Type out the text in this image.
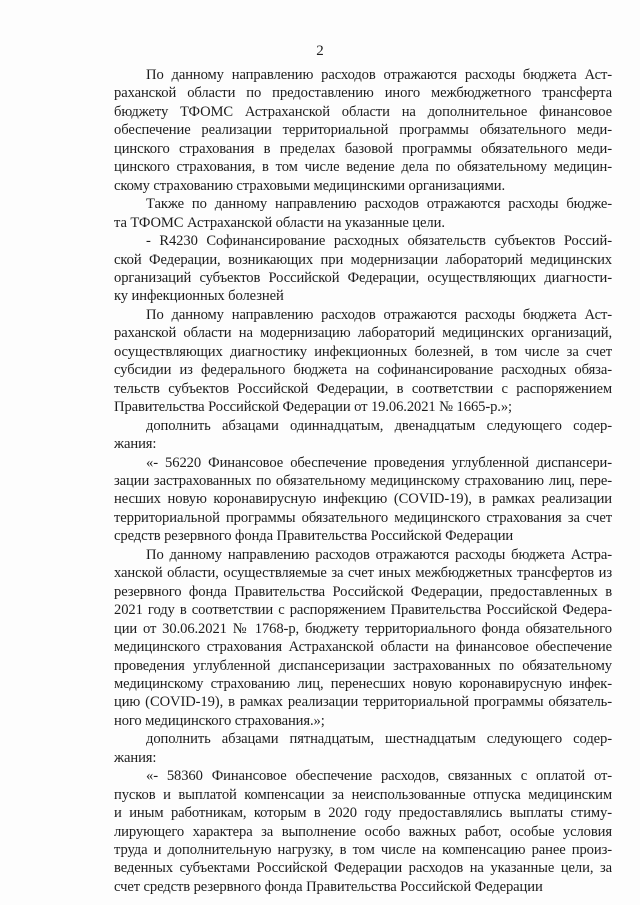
2
По данному направлению расходов отражаются расходы бюджета Аст-
раханской области по предоставлению иного межбюджетного трансферта
бюджету ТФОМС Астраханской области на дополнительное финансовое
обеспечение реализации территориальной программы обязательного меди-
цинского страхования в пределах базовой программы обязательного меди-
цинского страхования, в том числе ведение дела по обязательному медицин-
скому страхованию страховыми медицинскими организациями.
Также по данному направлению расходов отражаются расходы бюдже-
та ТФОМС Астраханской области на указанные цели.
- R4230 Софинансирование расходных обязательств субъектов Россий-
ской Федерации, возникающих при модернизации лабораторий медицинских
организаций субъектов Российской Федерации, осуществляющих диагности-
ку инфекционных болезней
По данному направлению расходов отражаются расходы бюджета Аст-
раханской области на модернизацию лабораторий медицинских организаций,
осуществляющих диагностику инфекционных болезней, в том числе за счет
субсидии из федерального бюджета на софинансирование расходных обяза-
тельств субъектов Российской Федерации, в соответствии с распоряжением
Правительства Российской Федерации от 19.06.2021 № 1665-р.»;
дополнить абзацами одиннадцатым, двенадцатым следующего содер-
жания:
«- 56220 Финансовое обеспечение проведения углубленной диспансери-
зации застрахованных по обязательному медицинскому страхованию лиц, пере-
несших новую коронавирусную инфекцию (COVID-19), в рамках реализации
территориальной программы обязательного медицинского страхования за счет
средств резервного фонда Правительства Российской Федерации
По данному направлению расходов отражаются расходы бюджета Астра-
ханской области, осуществляемые за счет иных межбюджетных трансфертов из
резервного фонда Правительства Российской Федерации, предоставленных в
2021 году в соответствии с распоряжением Правительства Российской Федера-
ции от 30.06.2021 № 1768-р, бюджету территориального фонда обязательного
медицинского страхования Астраханской области на финансовое обеспечение
проведения углубленной диспансеризации застрахованных по обязательному
медицинскому страхованию лиц, перенесших новую коронавирусную инфек-
цию (COVID-19), в рамках реализации территориальной программы обязатель-
ного медицинского страхования.»;
дополнить абзацами пятнадцатым, шестнадцатым следующего содер-
жания:
«- 58360 Финансовое обеспечение расходов, связанных с оплатой от-
пусков и выплатой компенсации за неиспользованные отпуска медицинским
и иным работникам, которым в 2020 году предоставлялись выплаты стиму-
лирующего характера за выполнение особо важных работ, особые условия
труда и дополнительную нагрузку, в том числе на компенсацию ранее произ-
веденных субъектами Российской Федерации расходов на указанные цели, за
счет средств резервного фонда Правительства Российской Федерации
